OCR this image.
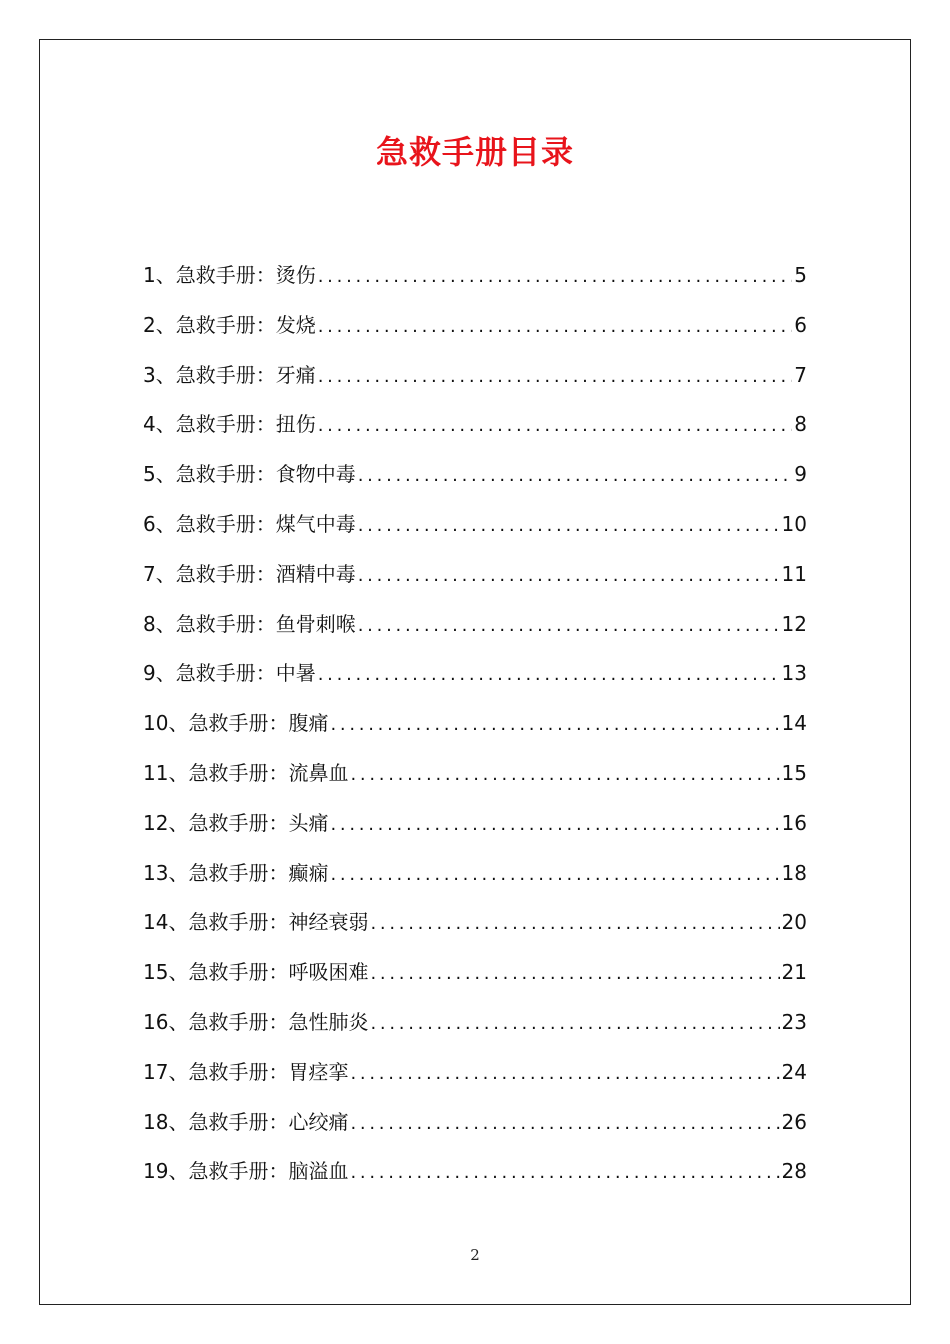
急救手册目录
1、急救手册：烫伤 . . .	5
2、急救手册：发烧 . . .	6
3、急救手册：牙痛 . . .	7
4、急救手册：扭伤 . . .	8
5、急救手册：食物中毒 . . .	9
6、急救手册：煤气中毒 . . .	10
7、急救手册：酒精中毒 . . .	11
8、急救手册：鱼骨刺喉 . . .	12
9、急救手册：中暑 . . .	13
10、急救手册：腹痛 . . .	14
11、急救手册：流鼻血 . . .	15
12、急救手册：头痛 . . .	16
13、急救手册：癫痫 . . .	18
14、急救手册：神经衰弱 . . .	20
15、急救手册：呼吸困难 . . .	21
16、急救手册：急性肺炎 . . .	23
17、急救手册：胃痉挛 . . .	24
18、急救手册：心绞痛 . . .	26
19、急救手册：脑溢血 . . .	28
2
